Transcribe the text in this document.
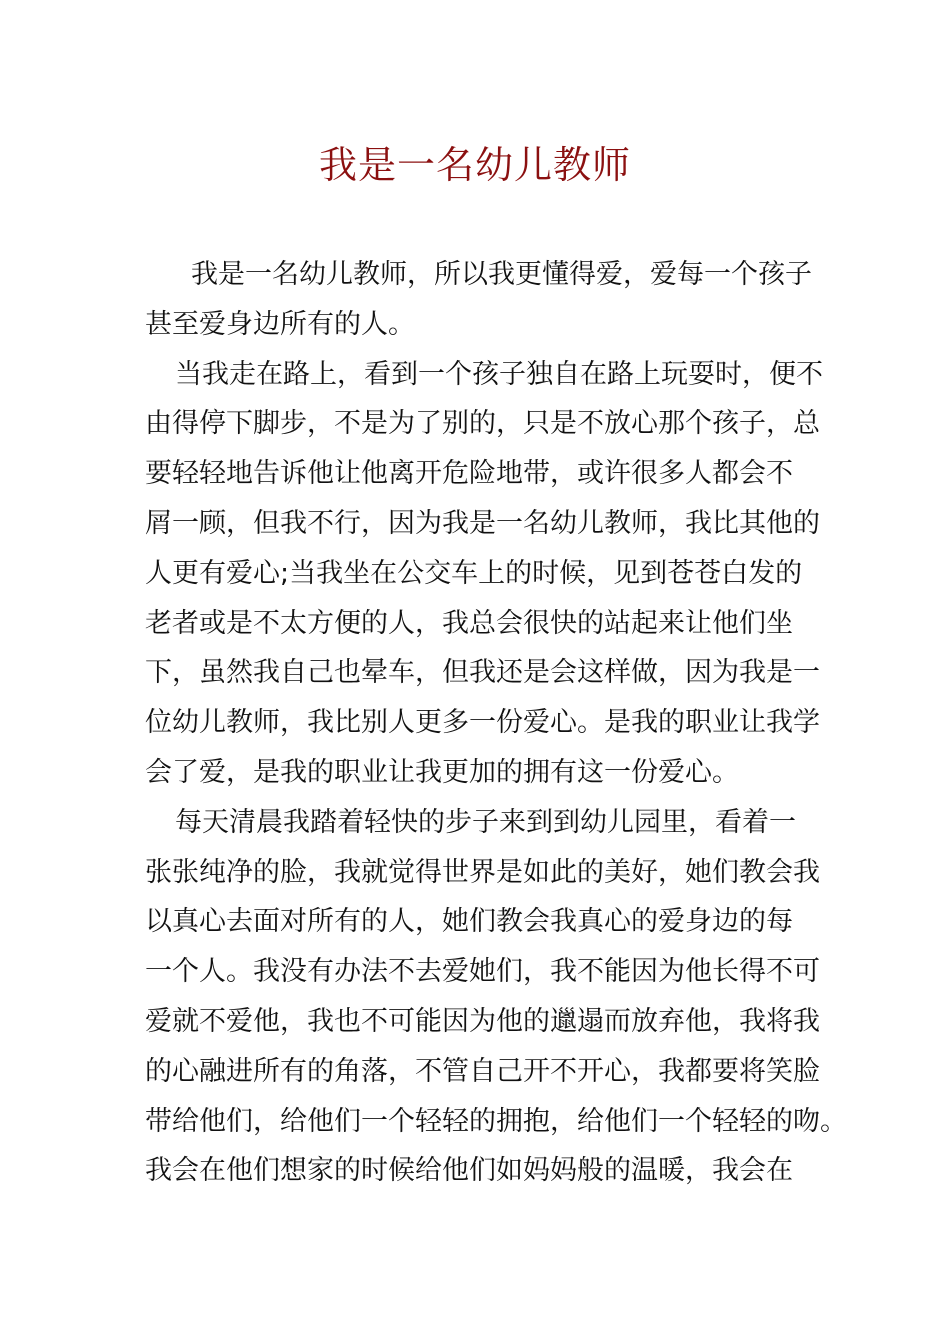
我是一名幼儿教师
我是一名幼儿教师，所以我更懂得爱，爱每一个孩子
甚至爱身边所有的人。
当我走在路上，看到一个孩子独自在路上玩耍时，便不
由得停下脚步，不是为了别的，只是不放心那个孩子，总
要轻轻地告诉他让他离开危险地带，或许很多人都会不
屑一顾，但我不行，因为我是一名幼儿教师，我比其他的
人更有爱心;当我坐在公交车上的时候，见到苍苍白发的
老者或是不太方便的人，我总会很快的站起来让他们坐
下，虽然我自己也晕车，但我还是会这样做，因为我是一
位幼儿教师，我比别人更多一份爱心。是我的职业让我学
会了爱，是我的职业让我更加的拥有这一份爱心。
每天清晨我踏着轻快的步子来到到幼儿园里，看着一
张张纯净的脸，我就觉得世界是如此的美好，她们教会我
以真心去面对所有的人，她们教会我真心的爱身边的每
一个人。我没有办法不去爱她们，我不能因为他长得不可
爱就不爱他，我也不可能因为他的邋遢而放弃他，我将我
的心融进所有的角落，不管自己开不开心，我都要将笑脸
带给他们，给他们一个轻轻的拥抱，给他们一个轻轻的吻。
我会在他们想家的时候给他们如妈妈般的温暖，我会在
